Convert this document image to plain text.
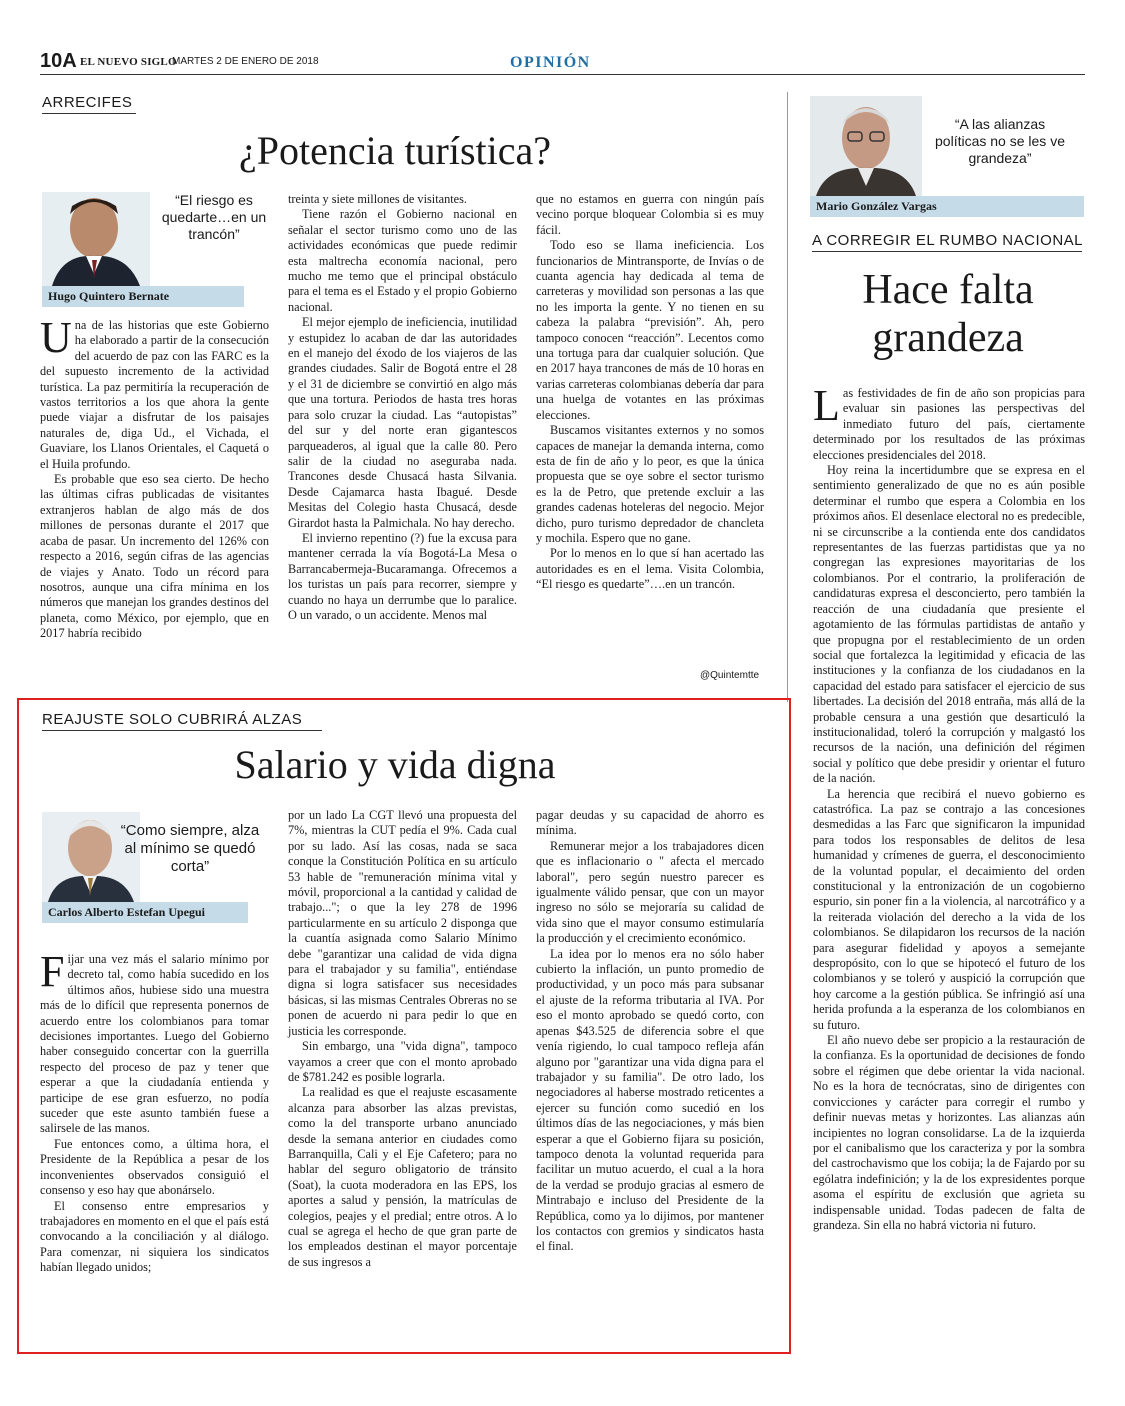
10A EL NUEVO SIGLO
MARTES 2 DE ENERO DE 2018	OPINIÓN
ARRECIFES
¿Potencia turística?
“El riesgo es quedarte…en un trancón”
Hugo Quintero Bernate

Una de las historias que este Gobierno ha elaborado a partir de la consecución del acuerdo de paz con las FARC es la del supuesto incremento de la actividad turística. La paz permitiría la recuperación de vastos territorios a los que ahora la gente puede viajar a disfrutar de los paisajes naturales de, diga Ud., el Vichada, el Guaviare, los Llanos Orientales, el Caquetá o el Huila profundo.

Es probable que eso sea cierto. De hecho las últimas cifras publicadas de visitantes extranjeros hablan de algo más de dos millones de personas durante el 2017 que acaba de pasar. Un incremento del 126% con respecto a 2016, según cifras de las agencias de viajes y Anato. Todo un récord para nosotros, aunque una cifra mínima en los números que manejan los grandes destinos del planeta, como México, por ejemplo, que en 2017 habría recibido

treinta y siete millones de visitantes.

Tiene razón el Gobierno nacional en señalar el sector turismo como uno de las actividades económicas que puede redimir esta maltrecha economía nacional, pero mucho me temo que el principal obstáculo para el tema es el Estado y el propio Gobierno nacional.

El mejor ejemplo de ineficiencia, inutilidad y estupidez lo acaban de dar las autoridades en el manejo del éxodo de los viajeros de las grandes ciudades. Salir de Bogotá entre el 28 y el 31 de diciembre se convirtió en algo más que una tortura. Periodos de hasta tres horas para solo cruzar la ciudad. Las “autopistas” del sur y del norte eran gigantescos parqueaderos, al igual que la calle 80. Pero salir de la ciudad no aseguraba nada. Trancones desde Chusacá hasta Silvania. Desde Cajamarca hasta Ibagué. Desde Mesitas del Colegio hasta Chusacá, desde Girardot hasta la Palmichala. No hay derecho.

El invierno repentino (?) fue la excusa para mantener cerrada la vía Bogotá-La Mesa o Barrancabermeja-Bucaramanga. Ofrecemos a los turistas un país para recorrer, siempre y cuando no haya un derrumbe que lo paralice. O un varado, o un accidente. Menos mal

que no estamos en guerra con ningún país vecino porque bloquear Colombia si es muy fácil.

Todo eso se llama ineficiencia. Los funcionarios de Mintransporte, de Invías o de cuanta agencia hay dedicada al tema de carreteras y movilidad son personas a las que no les importa la gente. Y no tienen en su cabeza la palabra “previsión”. Ah, pero tampoco conocen “reacción”. Lecentos como una tortuga para dar cualquier solución. Que en 2017 haya trancones de más de 10 horas en varias carreteras colombianas debería dar para una huelga de votantes en las próximas elecciones.

Buscamos visitantes externos y no somos capaces de manejar la demanda interna, como esta de fin de año y lo peor, es que la única propuesta que se oye sobre el sector turismo es la de Petro, que pretende excluir a las grandes cadenas hoteleras del negocio. Mejor dicho, puro turismo depredador de chancleta y mochila. Espero que no gane.

Por lo menos en lo que sí han acertado las autoridades es en el lema. Visita Colombia, “El riesgo es quedarte”….en un trancón.

@Quintemtte
“A las alianzas políticas no se les ve grandeza”
Mario González Vargas
A CORREGIR EL RUMBO NACIONAL
Hace falta
grandeza

Las festividades de fin de año son propicias para evaluar sin pasiones las perspectivas del inmediato futuro del país, ciertamente determinado por los resultados de las próximas elecciones presidenciales del 2018.

Hoy reina la incertidumbre que se expresa en el sentimiento generalizado de que no es aún posible determinar el rumbo que espera a Colombia en los próximos años. El desenlace electoral no es predecible, ni se circunscribe a la contienda ente dos candidatos representantes de las fuerzas partidistas que ya no congregan las expresiones mayoritarias de los colombianos. Por el contrario, la proliferación de candidaturas expresa el desconcierto, pero también la reacción de una ciudadanía que presiente el agotamiento de las fórmulas partidistas de antaño y que propugna por el restablecimiento de un orden social que fortalezca la legitimidad y eficacia de las instituciones y la confianza de los ciudadanos en la capacidad del estado para satisfacer el ejercicio de sus libertades. La decisión del 2018 entraña, más allá de la probable censura a una gestión que desarticuló la institucionalidad, toleró la corrupción y malgastó los recursos de la nación, una definición del régimen social y político que debe presidir y orientar el futuro de la nación.

La herencia que recibirá el nuevo gobierno es catastrófica. La paz se contrajo a las concesiones desmedidas a las Farc que significaron la impunidad para todos los responsables de delitos de lesa humanidad y crímenes de guerra, el desconocimiento de la voluntad popular, el decaimiento del orden constitucional y la entronización de un cogobierno espurio, sin poner fin a la violencia, al narcotráfico y a la reiterada violación del derecho a la vida de los colombianos. Se dilapidaron los recursos de la nación para asegurar fidelidad y apoyos a semejante despropósito, con lo que se hipotecó el futuro de los colombianos y se toleró y auspició la corrupción que hoy carcome a la gestión pública. Se infringió así una herida profunda a la esperanza de los colombianos en su futuro.

El año nuevo debe ser propicio a la restauración de la confianza. Es la oportunidad de decisiones de fondo sobre el régimen que debe orientar la vida nacional. No es la hora de tecnócratas, sino de dirigentes con convicciones y carácter para corregir el rumbo y definir nuevas metas y horizontes. Las alianzas aún incipientes no logran consolidarse. La de la izquierda por el canibalismo que los caracteriza y por la sombra del castrochavismo que los cobija; la de Fajardo por su ególatra indefinición; y la de los expresidentes porque asoma el espíritu de exclusión que agrieta su indispensable unidad. Todas padecen de falta de grandeza. Sin ella no habrá victoria ni futuro.

REAJUSTE SOLO CUBRIRÁ ALZAS
Salario y vida digna
“Como siempre, alza al mínimo se quedó corta”
Carlos Alberto Estefan Upegui

Fijar una vez más el salario mínimo por decreto tal, como había sucedido en los últimos años, hubiese sido una muestra más de lo difícil que representa ponernos de acuerdo entre los colombianos para tomar decisiones importantes. Luego del Gobierno haber conseguido concertar con la guerrilla respecto del proceso de paz y tener que esperar a que la ciudadanía entienda y participe de ese gran esfuerzo, no podía suceder que este asunto también fuese a salirsele de las manos.

Fue entonces como, a última hora, el Presidente de la República a pesar de los inconvenientes observados consiguió el consenso y eso hay que abonárselo.

El consenso entre empresarios y trabajadores en momento en el que el país está convocando a la conciliación y al diálogo. Para comenzar, ni siquiera los sindicatos habían llegado unidos;

por un lado La CGT llevó una propuesta del 7%, mientras la CUT pedía el 9%. Cada cual por su lado. Así las cosas, nada se saca conque la Constitución Política en su artículo 53 hable de "remuneración mínima vital y móvil, proporcional a la cantidad y calidad de trabajo..."; o que la ley 278 de 1996 particularmente en su artículo 2 disponga que la cuantía asignada como Salario Mínimo debe "garantizar una calidad de vida digna para el trabajador y su familia", entiéndase digna si logra satisfacer sus necesidades básicas, si las mismas Centrales Obreras no se ponen de acuerdo ni para pedir lo que en justicia les corresponde.

Sin embargo, una "vida digna", tampoco vayamos a creer que con el monto aprobado de $781.242 es posible lograrla.

La realidad es que el reajuste escasamente alcanza para absorber las alzas previstas, como la del transporte urbano anunciado desde la semana anterior en ciudades como Barranquilla, Cali y el Eje Cafetero; para no hablar del seguro obligatorio de tránsito (Soat), la cuota moderadora en las EPS, los aportes a salud y pensión, la matrículas de colegios, peajes y el predial; entre otros. A lo cual se agrega el hecho de que gran parte de los empleados destinan el mayor porcentaje de sus ingresos a

pagar deudas y su capacidad de ahorro es mínima.

Remunerar mejor a los trabajadores dicen que es inflacionario o " afecta el mercado laboral", pero según nuestro parecer es igualmente válido pensar, que con un mayor ingreso no sólo se mejoraría su calidad de vida sino que el mayor consumo estimularía la producción y el crecimiento económico.

La idea por lo menos era no sólo haber cubierto la inflación, un punto promedio de productividad, y un poco más para subsanar el ajuste de la reforma tributaria al IVA. Por eso el monto aprobado se quedó corto, con apenas $43.525 de diferencia sobre el que venía rigiendo, lo cual tampoco refleja afán alguno por "garantizar una vida digna para el trabajador y su familia". De otro lado, los negociadores al haberse mostrado reticentes a ejercer su función como sucedió en los últimos días de las negociaciones, y más bien esperar a que el Gobierno fijara su posición, tampoco denota la voluntad requerida para facilitar un mutuo acuerdo, el cual a la hora de la verdad se produjo gracias al esmero de Mintrabajo e incluso del Presidente de la República, como ya lo dijimos, por mantener los contactos con gremios y sindicatos hasta el final.
